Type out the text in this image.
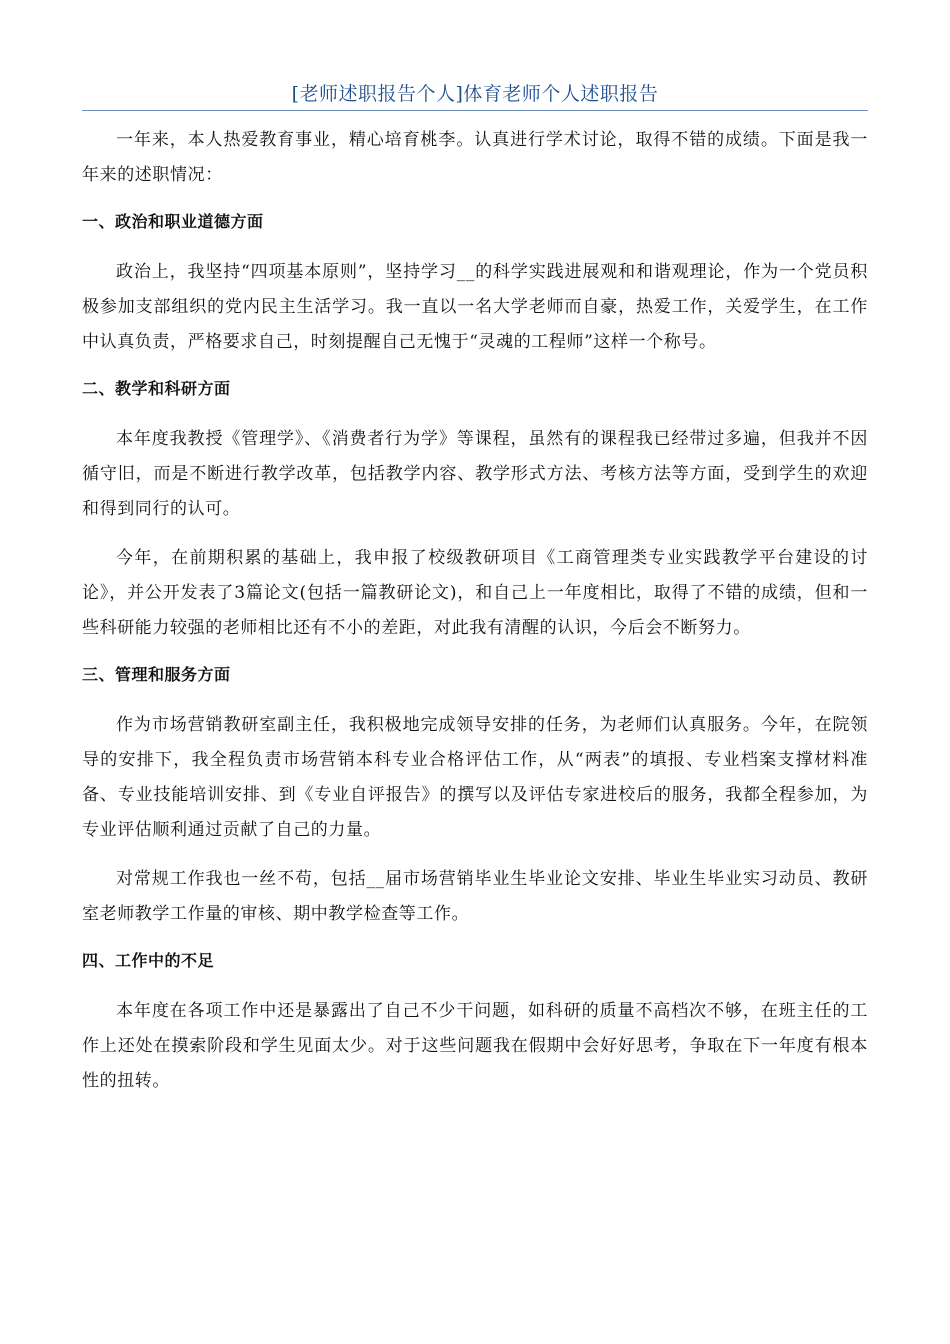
[老师述职报告个人]体育老师个人述职报告

一年来，本人热爱教育事业，精心培育桃李。认真进行学术讨论，取得不错的成绩。下面是我一年来的述职情况：

一、政治和职业道德方面

政治上，我坚持“四项基本原则”，坚持学习__的科学实践进展观和和谐观理论，作为一个党员积极参加支部组织的党内民主生活学习。我一直以一名大学老师而自豪，热爱工作，关爱学生，在工作中认真负责，严格要求自己，时刻提醒自己无愧于“灵魂的工程师”这样一个称号。

二、教学和科研方面

本年度我教授《管理学》、《消费者行为学》等课程，虽然有的课程我已经带过多遍，但我并不因循守旧，而是不断进行教学改革，包括教学内容、教学形式方法、考核方法等方面，受到学生的欢迎和得到同行的认可。

今年，在前期积累的基础上，我申报了校级教研项目《工商管理类专业实践教学平台建设的讨论》，并公开发表了3篇论文(包括一篇教研论文)，和自己上一年度相比，取得了不错的成绩，但和一些科研能力较强的老师相比还有不小的差距，对此我有清醒的认识，今后会不断努力。

三、管理和服务方面

作为市场营销教研室副主任，我积极地完成领导安排的任务，为老师们认真服务。今年，在院领导的安排下，我全程负责市场营销本科专业合格评估工作，从“两表”的填报、专业档案支撑材料准备、专业技能培训安排、到《专业自评报告》的撰写以及评估专家进校后的服务，我都全程参加，为专业评估顺利通过贡献了自己的力量。

对常规工作我也一丝不苟，包括__届市场营销毕业生毕业论文安排、毕业生毕业实习动员、教研室老师教学工作量的审核、期中教学检查等工作。

四、工作中的不足

本年度在各项工作中还是暴露出了自己不少干问题，如科研的质量不高档次不够，在班主任的工作上还处在摸索阶段和学生见面太少。对于这些问题我在假期中会好好思考，争取在下一年度有根本性的扭转。
